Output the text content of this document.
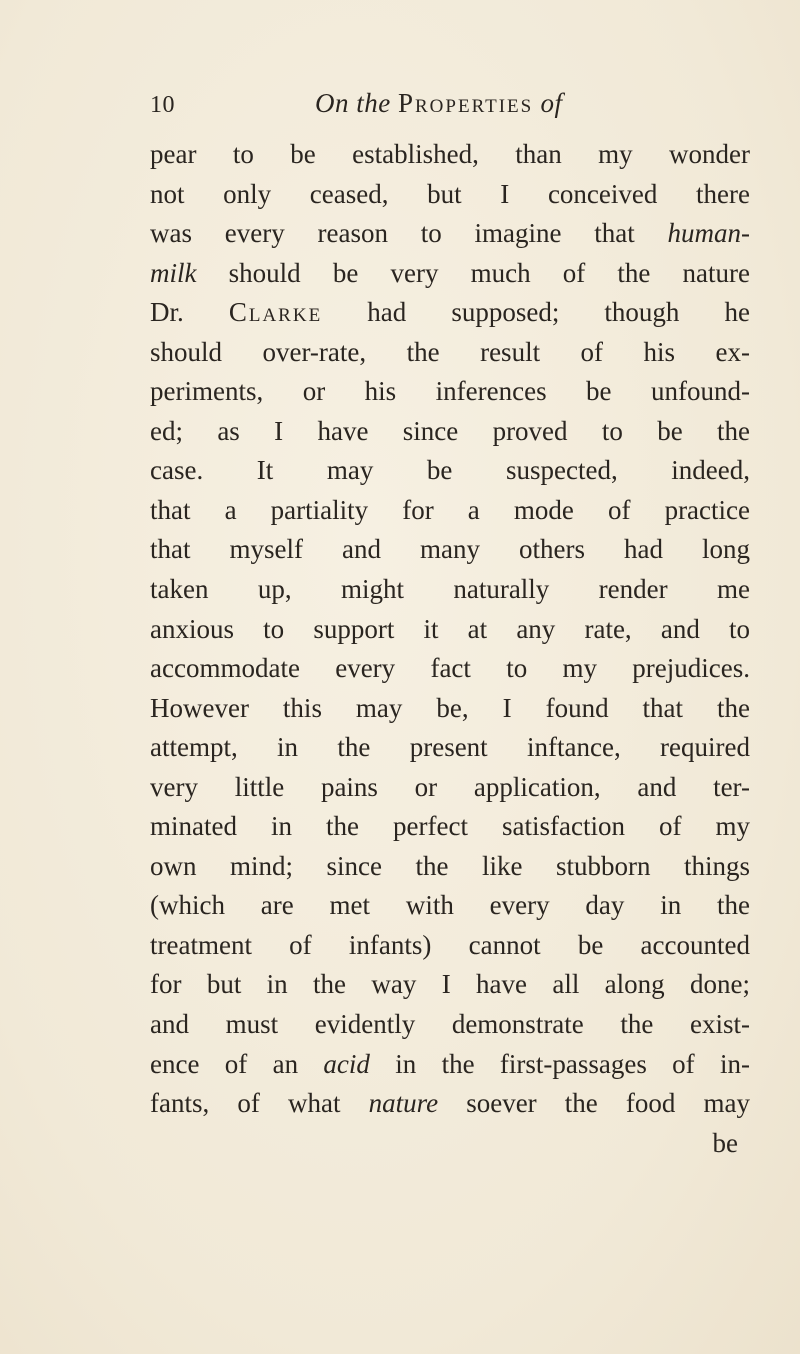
10	On the Properties of
pear to be established, than my wonder
not only ceased, but I conceived there
was every reason to imagine that human-
milk should be very much of the nature
Dr. Clarke had supposed; though he
should over-rate, the result of his ex-
periments, or his inferences be unfound-
ed; as I have since proved to be the
case. It may be suspected, indeed,
that a partiality for a mode of practice
that myself and many others had long
taken up, might naturally render me
anxious to support it at any rate, and to
accommodate every fact to my prejudices.
However this may be, I found that the
attempt, in the present inftance, required
very little pains or application, and ter-
minated in the perfect satisfaction of my
own mind; since the like stubborn things
(which are met with every day in the
treatment of infants) cannot be accounted
for but in the way I have all along done;
and must evidently demonstrate the exist-
ence of an acid in the first-passages of in-
fants, of what nature soever the food may
be
